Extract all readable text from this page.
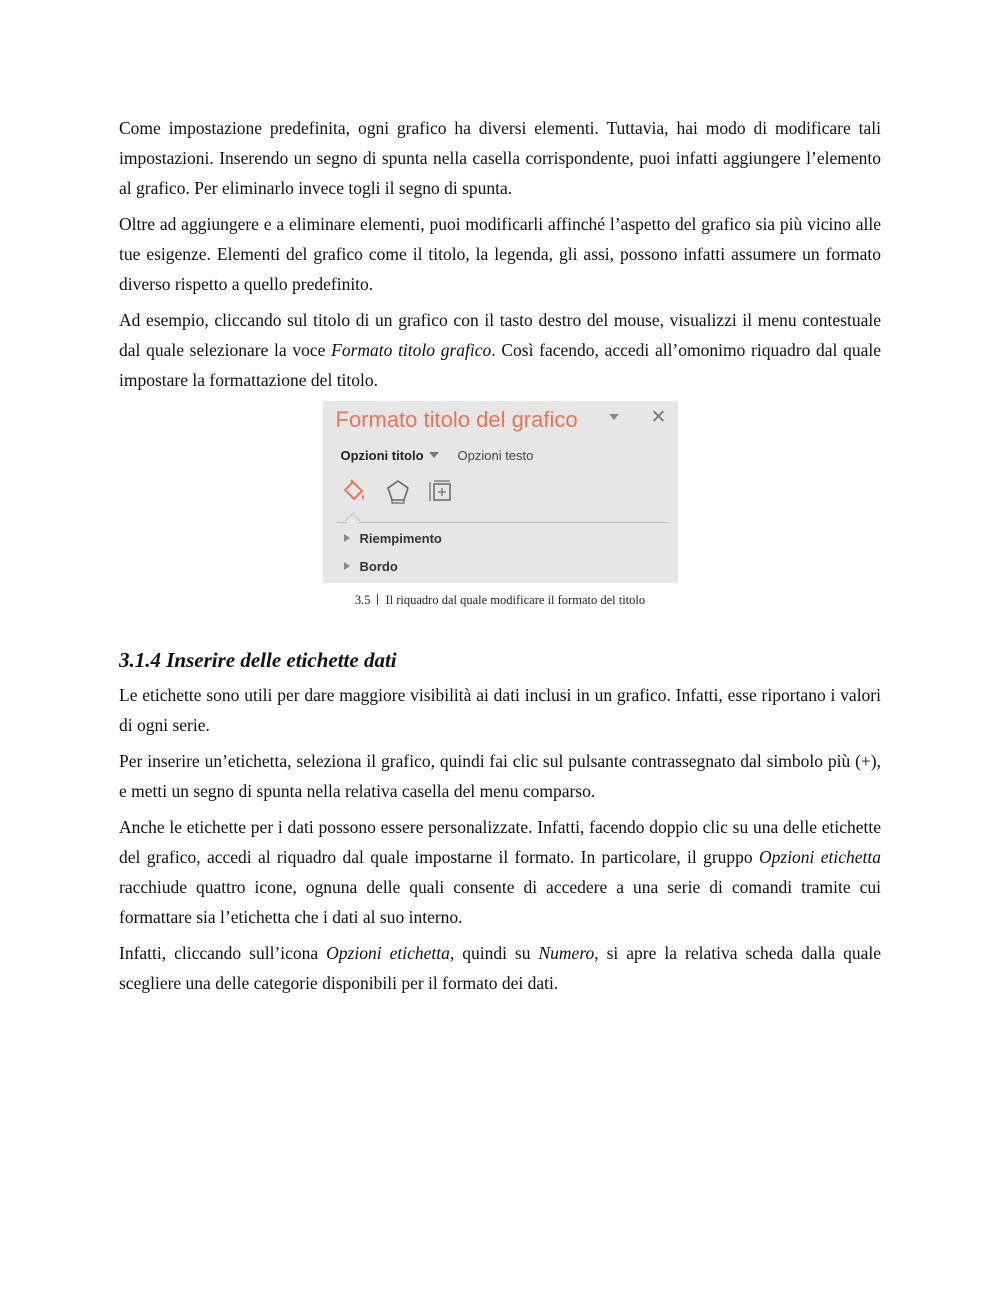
Come impostazione predefinita, ogni grafico ha diversi elementi. Tuttavia, hai modo di modificare tali impostazioni. Inserendo un segno di spunta nella casella corrispondente, puoi infatti aggiungere l’elemento al grafico. Per eliminarlo invece togli il segno di spunta.

Oltre ad aggiungere e a eliminare elementi, puoi modificarli affinché l’aspetto del grafico sia più vicino alle tue esigenze. Elementi del grafico come il titolo, la legenda, gli assi, possono infatti assumere un formato diverso rispetto a quello predefinito.

Ad esempio, cliccando sul titolo di un grafico con il tasto destro del mouse, visualizzi il menu contestuale dal quale selezionare la voce Formato titolo grafico. Così facendo, accedi all’omonimo riquadro dal quale impostare la formattazione del titolo.

Formato titolo del grafico	✕
Opzioni titolo	Opzioni testo
Riempimento
Bordo
3.5 Il riquadro dal quale modificare il formato del titolo
3.1.4 Inserire delle etichette dati

Le etichette sono utili per dare maggiore visibilità ai dati inclusi in un grafico. Infatti, esse riportano i valori di ogni serie.

Per inserire un’etichetta, seleziona il grafico, quindi fai clic sul pulsante contrassegnato dal simbolo più (+), e metti un segno di spunta nella relativa casella del menu comparso.

Anche le etichette per i dati possono essere personalizzate. Infatti, facendo doppio clic su una delle etichette del grafico, accedi al riquadro dal quale impostarne il formato. In particolare, il gruppo Opzioni etichetta racchiude quattro icone, ognuna delle quali consente di accedere a una serie di comandi tramite cui formattare sia l’etichetta che i dati al suo interno.

Infatti, cliccando sull’icona Opzioni etichetta, quindi su Numero, si apre la relativa scheda dalla quale scegliere una delle categorie disponibili per il formato dei dati.
